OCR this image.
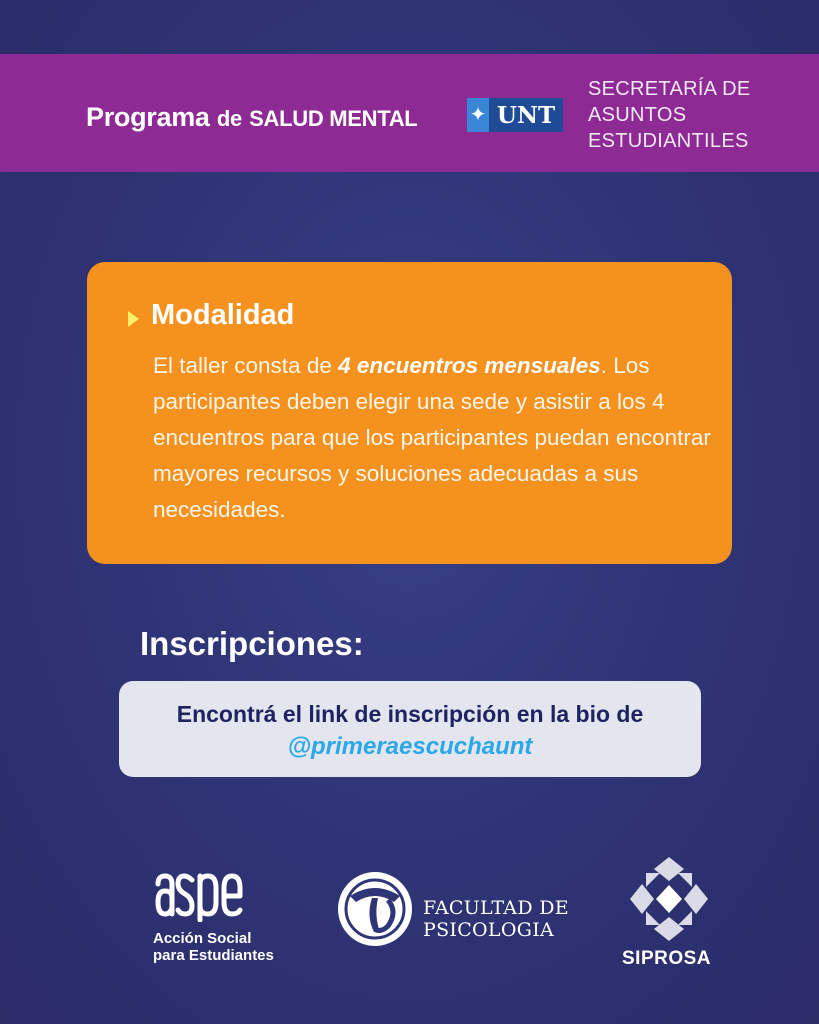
Programa de SALUD MENTAL	✦ UNT
SECRETARÍA DE
ASUNTOS
ESTUDIANTILES
Modalidad
El taller consta de 4 encuentros mensuales. Los participantes deben elegir una sede y asistir a los 4 encuentros para que los participantes puedan encontrar mayores recursos y soluciones adecuadas a sus necesidades.
Inscripciones:
Encontrá el link de inscripción en la bio de
@primeraescuchaunt
Acción Social
para Estudiantes
FACULTAD DE
PSICOLOGIA
SIPROSA
